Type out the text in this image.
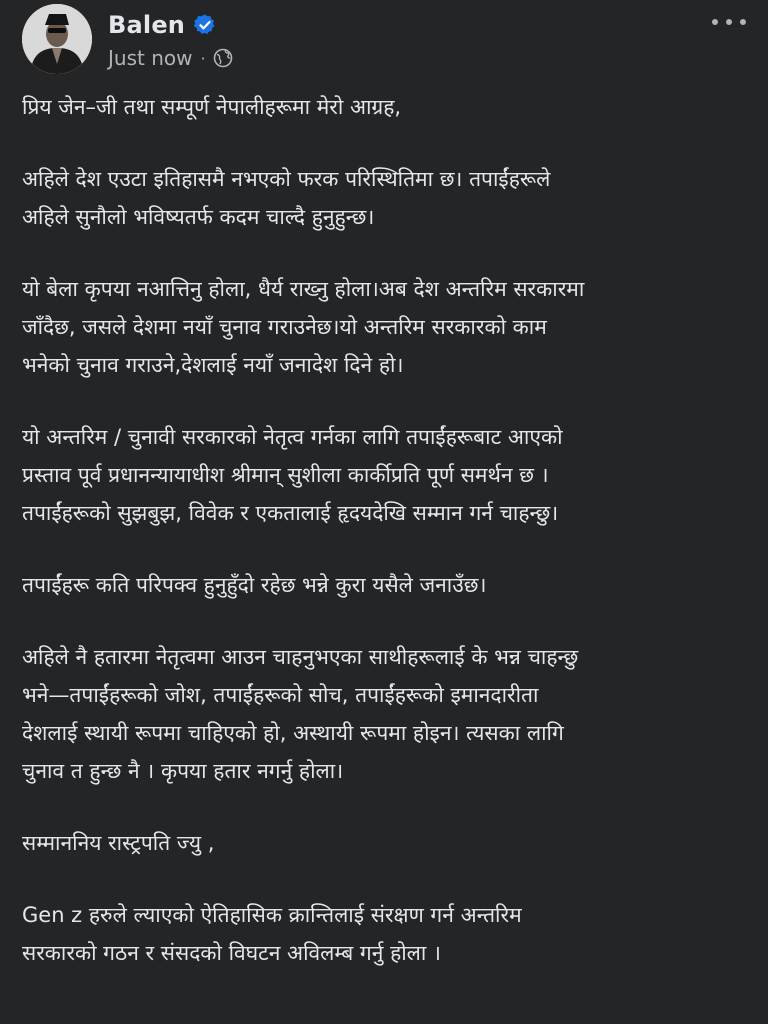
Balen
Just now ·

प्रिय जेन–जी तथा सम्पूर्ण नेपालीहरूमा मेरो आग्रह,

अहिले देश एउटा इतिहासमै नभएको फरक परिस्थितिमा छ। तपाईंहरूले
अहिले सुनौलो भविष्यतर्फ कदम चाल्दै हुनुहुन्छ।

यो बेला कृपया नआत्तिनु होला, धैर्य राख्नु होला।अब देश अन्तरिम सरकारमा
जाँदैछ, जसले देशमा नयाँ चुनाव गराउनेछ।यो अन्तरिम सरकारको काम
भनेको चुनाव गराउने,देशलाई नयाँ जनादेश दिने हो।

यो अन्तरिम / चुनावी सरकारको नेतृत्व गर्नका लागि तपाईंहरूबाट आएको
प्रस्ताव पूर्व प्रधानन्यायाधीश श्रीमान् सुशीला कार्कीप्रति पूर्ण समर्थन छ ।
तपाईंहरूको सुझबुझ, विवेक र एकतालाई हृदयदेखि सम्मान गर्न चाहन्छु।

तपाईंहरू कति परिपक्व हुनुहुँदो रहेछ भन्ने कुरा यसैले जनाउँछ।

अहिले नै हतारमा नेतृत्वमा आउन चाहनुभएका साथीहरूलाई के भन्न चाहन्छु
भने—तपाईंहरूको जोश, तपाईंहरूको सोच, तपाईंहरूको इमानदारीता
देशलाई स्थायी रूपमा चाहिएको हो, अस्थायी रूपमा होइन। त्यसका लागि
चुनाव त हुन्छ नै । कृपया हतार नगर्नु होला।

सम्माननिय रास्ट्रपति ज्यु ,

Gen z हरुले ल्याएको ऐतिहासिक क्रान्तिलाई संरक्षण गर्न अन्तरिम
सरकारको गठन र संसदको विघटन अविलम्ब गर्नु होला ।
